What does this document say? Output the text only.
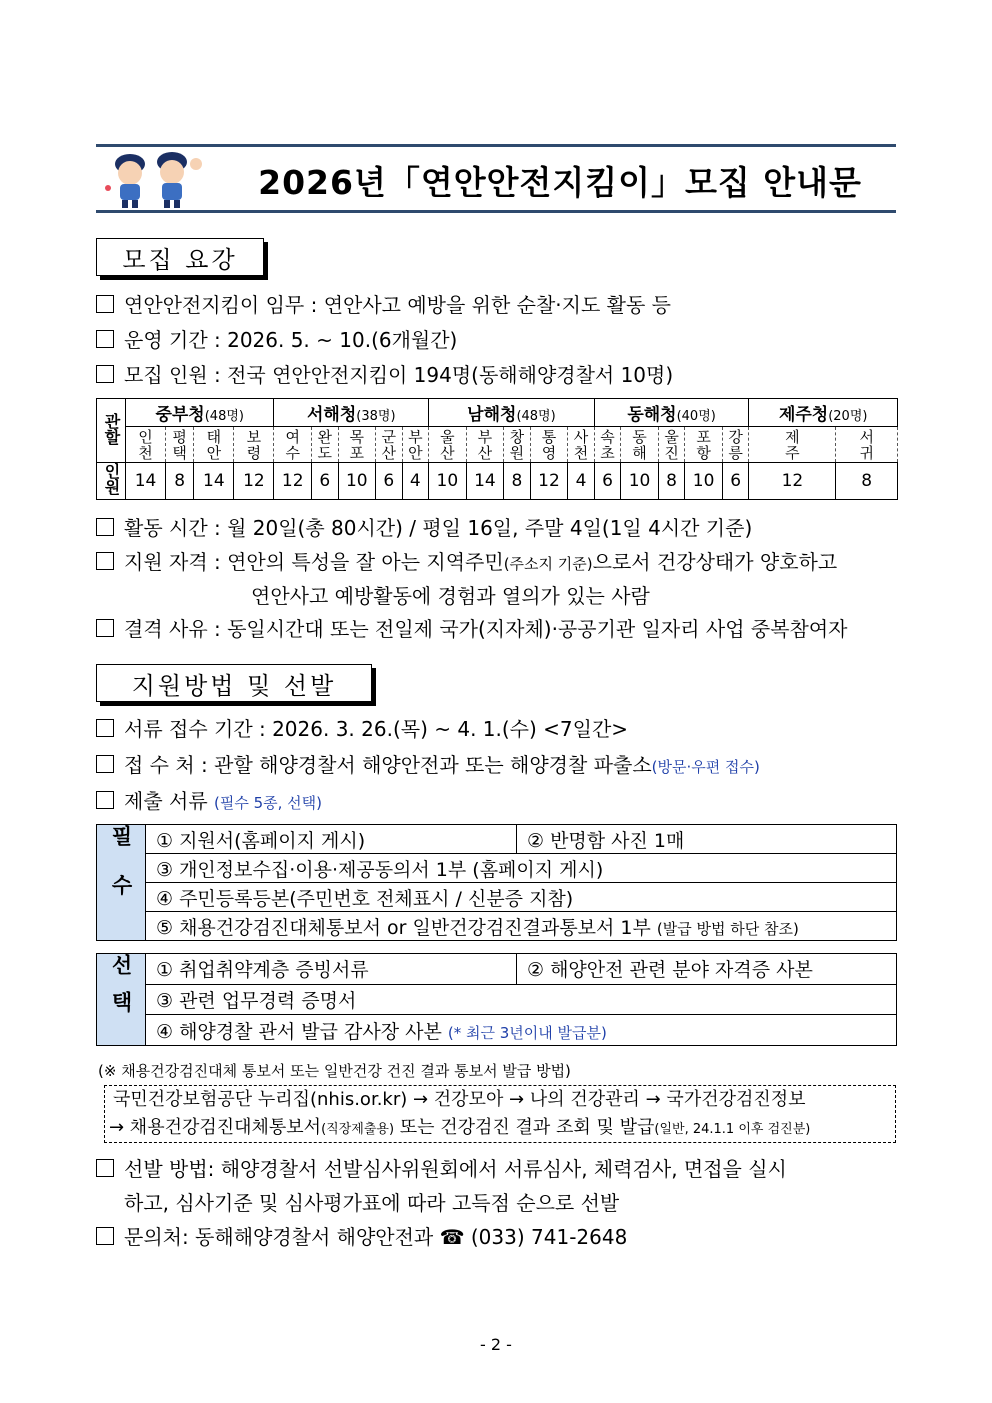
2026년「연안안전지킴이」모집 안내문
모집 요강
연안안전지킴이 임무 : 연안사고 예방을 위한 순찰·지도 활동 등
운영 기간 : 2026. 5. ~ 10.(6개월간)
모집 인원 : 전국 연안안전지킴이 194명(동해해양경찰서 10명)
관할	중부청(48명)				서해청(38명)					남해청(48명)					동해청(40명)					제주청(20명)	
	인천	평택	태안	보령	여수	완도	목포	군산	부안	울산	부산	창원	통영	사천	속초	동해	울진	포항	강릉	제주	서귀
인원	14	8	14	12	12	6	10	6	4	10	14	8	12	4	6	10	8	10	6	12	8
활동 시간 : 월 20일(총 80시간) / 평일 16일, 주말 4일(1일 4시간 기준)
지원 자격 : 연안의 특성을 잘 아는 지역주민(주소지 기준)으로서 건강상태가 양호하고
연안사고 예방활동에 경험과 열의가 있는 사람
결격 사유 : 동일시간대 또는 전일제 국가(지자체)·공공기관 일자리 사업 중복참여자
지원방법 및 선발
서류 접수 기간 : 2026. 3. 26.(목) ~ 4. 1.(수) <7일간>
접 수 처 : 관할 해양경찰서 해양안전과 또는 해양경찰 파출소(방문·우편 접수)
제출 서류 (필수 5종, 선택)
필수	① 지원서(홈페이지 게시)	② 반명함 사진 1매
③ 개인정보수집·이용·제공동의서 1부 (홈페이지 게시)
④ 주민등록등본(주민번호 전체표시 / 신분증 지참)
⑤ 채용건강검진대체통보서 or 일반건강검진결과통보서 1부 (발급 방법 하단 참조)
선택	① 취업취약계층 증빙서류	② 해양안전 관련 분야 자격증 사본
③ 관련 업무경력 증명서
④ 해양경찰 관서 발급 감사장 사본 (* 최근 3년이내 발급분)
(※ 채용건강검진대체 통보서 또는 일반건강 건진 결과 통보서 발급 방법)
국민건강보험공단 누리집(nhis.or.kr) → 건강모아 → 나의 건강관리 → 국가건강검진정보
→ 채용건강검진대체통보서(직장제출용) 또는 건강검진 결과 조회 및 발급(일반, 24.1.1 이후 검진분)
선발 방법: 해양경찰서 선발심사위원회에서 서류심사, 체력검사, 면접을 실시
하고, 심사기준 및 심사평가표에 따라 고득점 순으로 선발
문의처: 동해해양경찰서 해양안전과 ☎ (033) 741-2648
- 2 -
